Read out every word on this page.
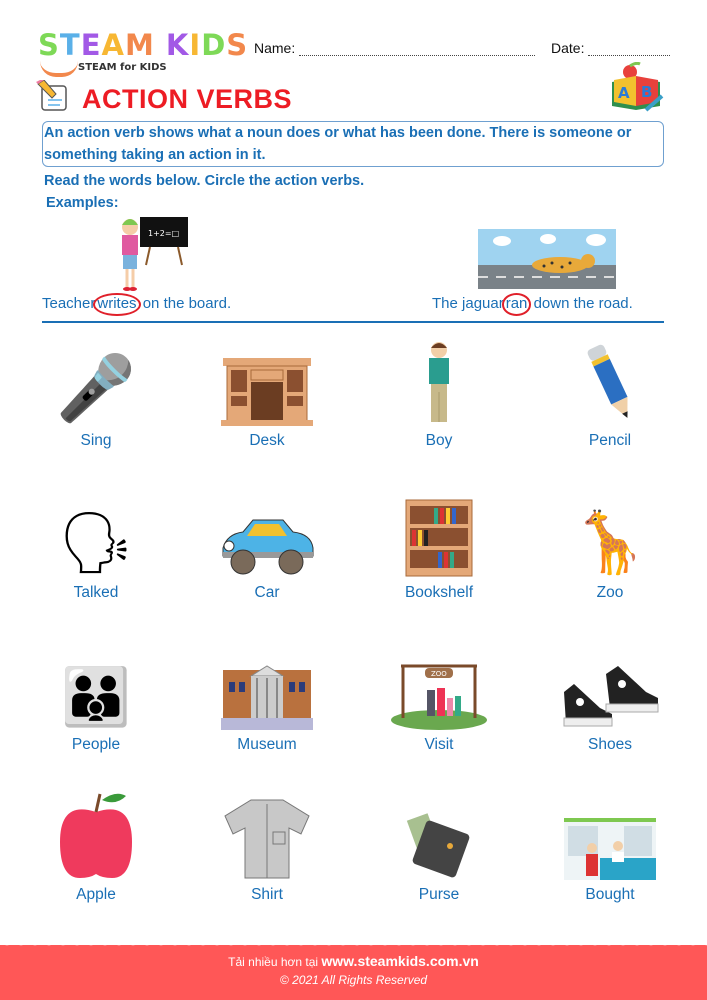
STEAM KIDS
STEAM for KIDS
Name:	Date:
ACTION VERBS	A B
An action verb shows what a noun does or what has been done. There is someone or something taking an action in it.
Read the words below. Circle the action verbs.
Examples:
1+2=□
Teacher writes on the board.	The jaguar ran down the road.
🎤
Sing	Desk	Boy	Pencil
🗣
Talked	Car	Bookshelf
🦒
Zoo
👪
People	Museum
ZOO
Visit	Shoes
Apple	Shirt	Purse	Bought
Tải nhiều hơn tại www.steamkids.com.vn
© 2021 All Rights Reserved
